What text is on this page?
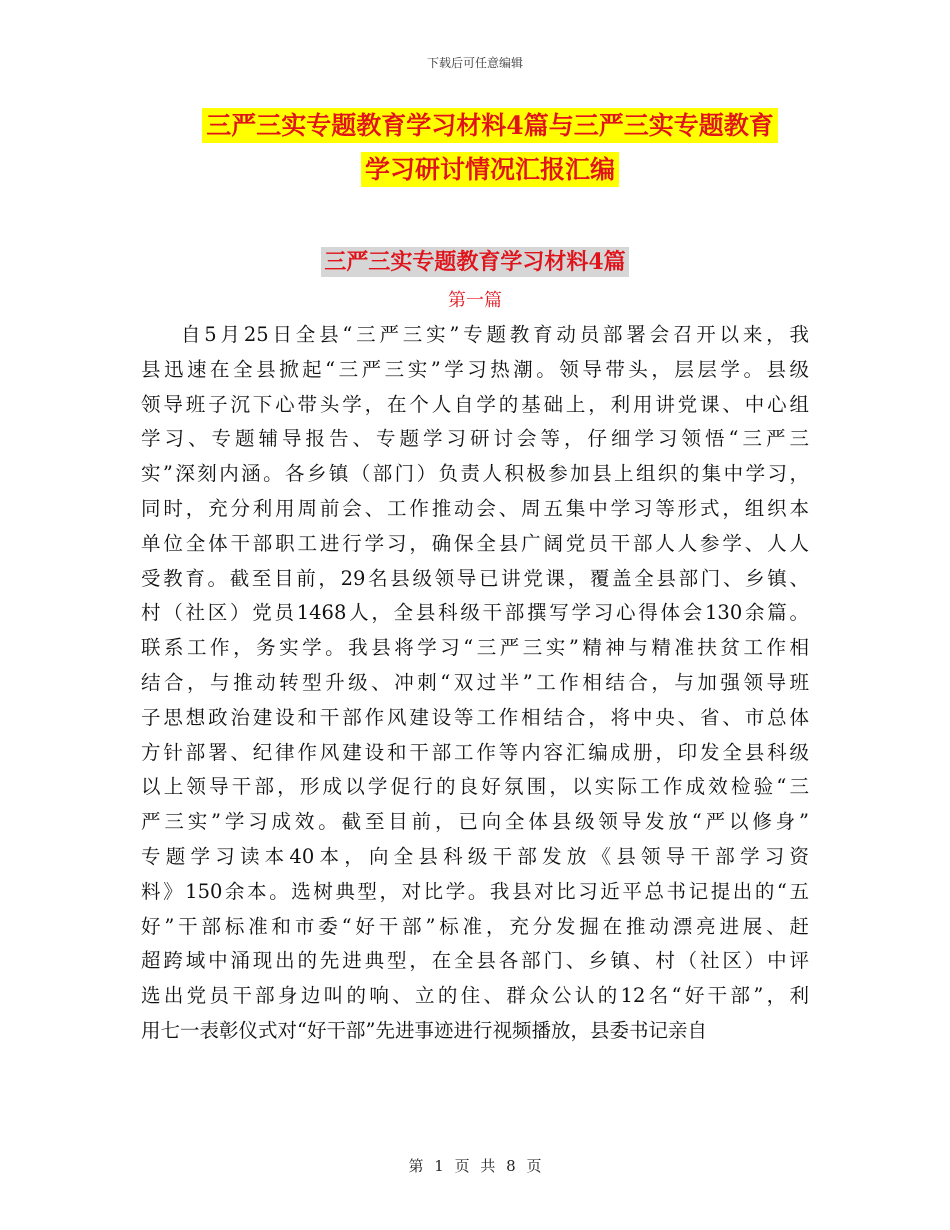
下载后可任意编辑
三严三实专题教育学习材料4篇与三严三实专题教育
学习研讨情况汇报汇编
三严三实专题教育学习材料4篇
第一篇
自5月25日全县“三严三实”专题教育动员部署会召开以来，我
县迅速在全县掀起“三严三实”学习热潮。领导带头，层层学。县级
领导班子沉下心带头学，在个人自学的基础上，利用讲党课、中心组
学习、专题辅导报告、专题学习研讨会等，仔细学习领悟“三严三
实”深刻内涵。各乡镇（部门）负责人积极参加县上组织的集中学习，
同时，充分利用周前会、工作推动会、周五集中学习等形式，组织本
单位全体干部职工进行学习，确保全县广阔党员干部人人参学、人人
受教育。截至目前，29名县级领导已讲党课，覆盖全县部门、乡镇、
村（社区）党员1468人，全县科级干部撰写学习心得体会130余篇。
联系工作，务实学。我县将学习“三严三实”精神与精准扶贫工作相
结合，与推动转型升级、冲刺“双过半”工作相结合，与加强领导班
子思想政治建设和干部作风建设等工作相结合，将中央、省、市总体
方针部署、纪律作风建设和干部工作等内容汇编成册，印发全县科级
以上领导干部，形成以学促行的良好氛围，以实际工作成效检验“三
严三实”学习成效。截至目前，已向全体县级领导发放“严以修身”
专题学习读本40本，向全县科级干部发放《县领导干部学习资
料》150余本。选树典型，对比学。我县对比习近平总书记提出的“五
好”干部标准和市委“好干部”标准，充分发掘在推动漂亮进展、赶
超跨域中涌现出的先进典型，在全县各部门、乡镇、村（社区）中评
选出党员干部身边叫的响、立的住、群众公认的12名“好干部”，利
用七一表彰仪式对“好干部”先进事迹进行视频播放，县委书记亲自
第 1 页 共 8 页
